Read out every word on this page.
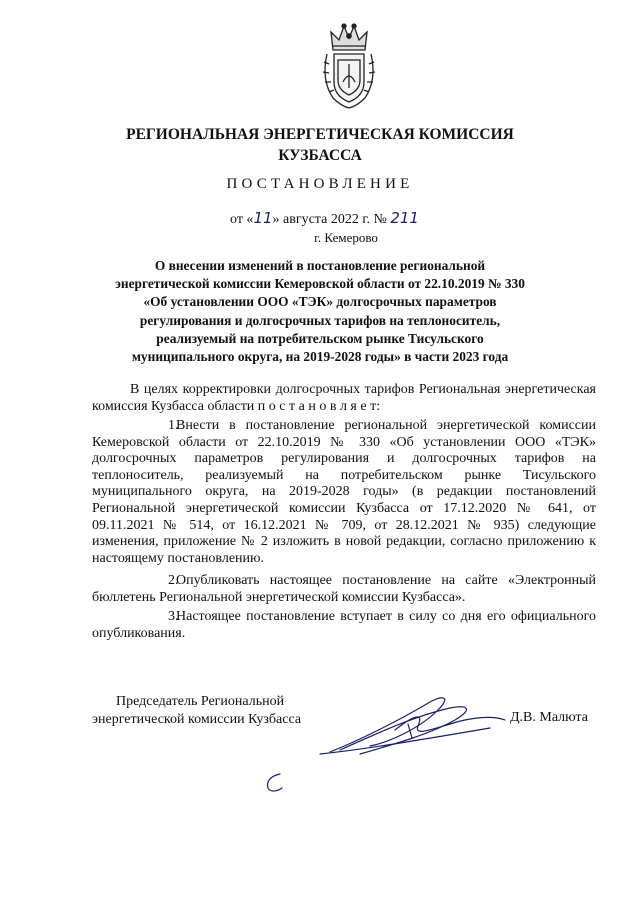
РЕГИОНАЛЬНАЯ ЭНЕРГЕТИЧЕСКАЯ КОМИССИЯ
КУЗБАССА
ПОСТАНОВЛЕНИЕ
от «11» августа 2022 г. № 211
г. Кемерово
О внесении изменений в постановление региональной
энергетической комиссии Кемеровской области от 22.10.2019 № 330
«Об установлении ООО «ТЭК» долгосрочных параметров
регулирования и долгосрочных тарифов на теплоноситель,
реализуемый на потребительском рынке Тисульского
муниципального округа, на 2019-2028 годы» в части 2023 года
В целях корректировки долгосрочных тарифов Региональная энергетическая комиссия Кузбасса области п о с т а н о в л я е т:
1.Внести в постановление региональной энергетической комиссии Кемеровской области от 22.10.2019 № 330 «Об установлении ООО «ТЭК» долгосрочных параметров регулирования и долгосрочных тарифов на теплоноситель, реализуемый на потребительском рынке Тисульского муниципального округа, на 2019-2028 годы» (в редакции постановлений Региональной энергетической комиссии Кузбасса от 17.12.2020 № 641, от 09.11.2021 № 514, от 16.12.2021 № 709, от 28.12.2021 № 935) следующие изменения, приложение № 2 изложить в новой редакции, согласно приложению к настоящему постановлению.
2.Опубликовать настоящее постановление на сайте «Электронный бюллетень Региональной энергетической комиссии Кузбасса».
3.Настоящее постановление вступает в силу со дня его официального опубликования.
Председатель Региональной
энергетической комиссии Кузбасса	Д.В. Малюта
